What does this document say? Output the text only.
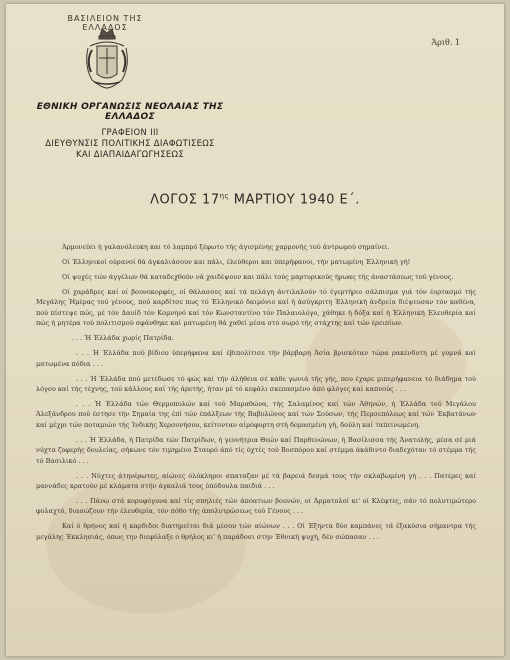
ΒΑΣΙΛΕΙΟΝ ΤΗΣ ΕΛΛΑΔΟΣ
Άριθ. 1
ΕΘΝΙΚΗ ΟΡΓΑΝΩΣΙΣ ΝΕΟΛΑΙΑΣ ΤΗΣ ΕΛΛΑΔΟΣ
ΓΡΑΦΕΙΟΝ III
ΔΙΕΥΘΥΝΣΙΣ ΠΟΛΙΤΙΚΗΣ ΔΙΑΦΩΤΙΣΕΩΣ
ΚΑΙ ΔΙΑΠΑΙΔΑΓΩΓΗΣΕΩΣ
ΛΟΓΟΣ $17^{\eta\varsigma}$ ΜΑΡΤΙΟΥ 1940 Ε΄.

Άρμονεύει ή γαλανόλευκη και τό λαμπρό ξέφωτο τής άγισμένης χαρμονής τού άντρωμού σημαίνει.

Οί Έλληνικοί ούρανοί θά άγκαλιάσουν και πάλι, έλεύθεροι και ύπερήφανοι, τήν ματωμένη Έλληνική γή!

Οί ψυχές τών άγγέλων θά καταδεχθούν νά χαιδέψουν και πάλι τούς μαρτυρικούς ήρωας τής άναστάσεως τού γένους.

Οί χαράδρες καί οί βουνοκορφές, οί θάλασσες καί τά πελάγη άντιλαλούν τό έγερτήριο σάλπισμα γιά τόν έορτασμό τής Μεγάλης Ήμέρας τού γένους, πού καρδίτσε πως τό Έλληνικό δαιμόνιο καί ή άσύγκριτη Έλληνική άνδρεία διέψευσαν τόν καθένα, πού πίστεψε πώς, μέ τόν Δαυίδ τόν Κομνηνό καί τόν Κωνσταντίνο τόν Παλαιολόγο, χάθηκε ή δόξα καί ή Έλληνική Έλευθερία καί πώς ή μητέρα τού πολιτισμού σφάνθηκε καί ματωμένη θά χαθεί μέσα στό σωρό τής στάχτης καί τών έρειπίων.

. . . Ή Έλλάδα χωρίς Πατρίδα.

. . . Ή Έλλάδα πού βίδιου ύπερήφανα καί έβιπολίτισε τήν βάρβαρη Άσία βρισκόταν τώρα ρακένδυτη μέ γυμνά καί ματωμένα πόδια . . .

. . . Ή Έλλάδα πού μετέδωσε τό φώς καί τήν άλήθεια σέ κάθε γωνιά τής γής, που έχαρε μιπερήφανεια τό διάδημα τού λόγου καί τής τέχνης, τού κάλλους καί τής άρετής, ήταν μέ τό κεφάλι σκεπασμένο άπό φλόγες καί καπνούς . . .

. . . Ή Έλλάδα τών Θερμοπυλών καί τού Μαραθώνα, τής Σαλαμίνος καί τών Άθηνών, ή Έλλάδα τού Μεγάλου Άλεξάνδρου πού έστησε τήν Σημαία της έπί τών έπάλξεων τής Βαβυλώνος καί τών Σούσων, τής Περσεπόλεως καί τών Έκβατάνων καί μέχρι τών ποταμιών τής Ίνδικής Χερσονήσου, κείτονταν αίμόφυρτη στή δομασμένη γή, δούλη καί ταπεινωμένη.

. . . Ή Έλλάδα, ή Πατρίδα τών Πατρίδων, ή γεννήτρια Θεών καί Παρθενώνων, ή Βασίλισσα τής Άνατολής, μέσα σέ μιά νύχτα ζοφερής δουλείας, σήκωνε τόν τιμημένο Σταυρό άπό τίς όχτές τού Βοσπόρου καί στέμμα άκάθιντο διαδεχόταν τό στέμμα τής τό Βασιλικό . . .

. . . Νύχτες άτηνέρωτες, αίώνες όλόκληροι σπαταζαν μέ τά βαρειά δεσμά τους τήν σκλαβωμένη γή . . . Πατέρες καί μαννάδες κρατούν μέ κλάματα στήν άγκαλιά τους ύπόδουλα παιδιά . . .

. . . Πάνω στά κορυφόγυνα καί τίς σπηλιές τών άπόατιων βουνών, οί Άρματολοί κι' οί Κλέφτες, σάν τό πολυτιμώτερο φυλαχτό, διασώζουν τήν έλευθερία, τόν πόθο τής άπολυτρώσεως τού Γένους . . .

Καί ό θρήνος καί ή καρδιδοι διατηρείται διά μέσου τών αίώνων . . . Οί Έξηντα δύο καμπάνες τά έξακόσια σήμαντρα τής μεγάλης Έκκλησιάς, όπως την διεφύλαξε ό θρήλος κι' ή παράδοσι στην Έθνική ψυχή, δέν σώπασαν . . .
